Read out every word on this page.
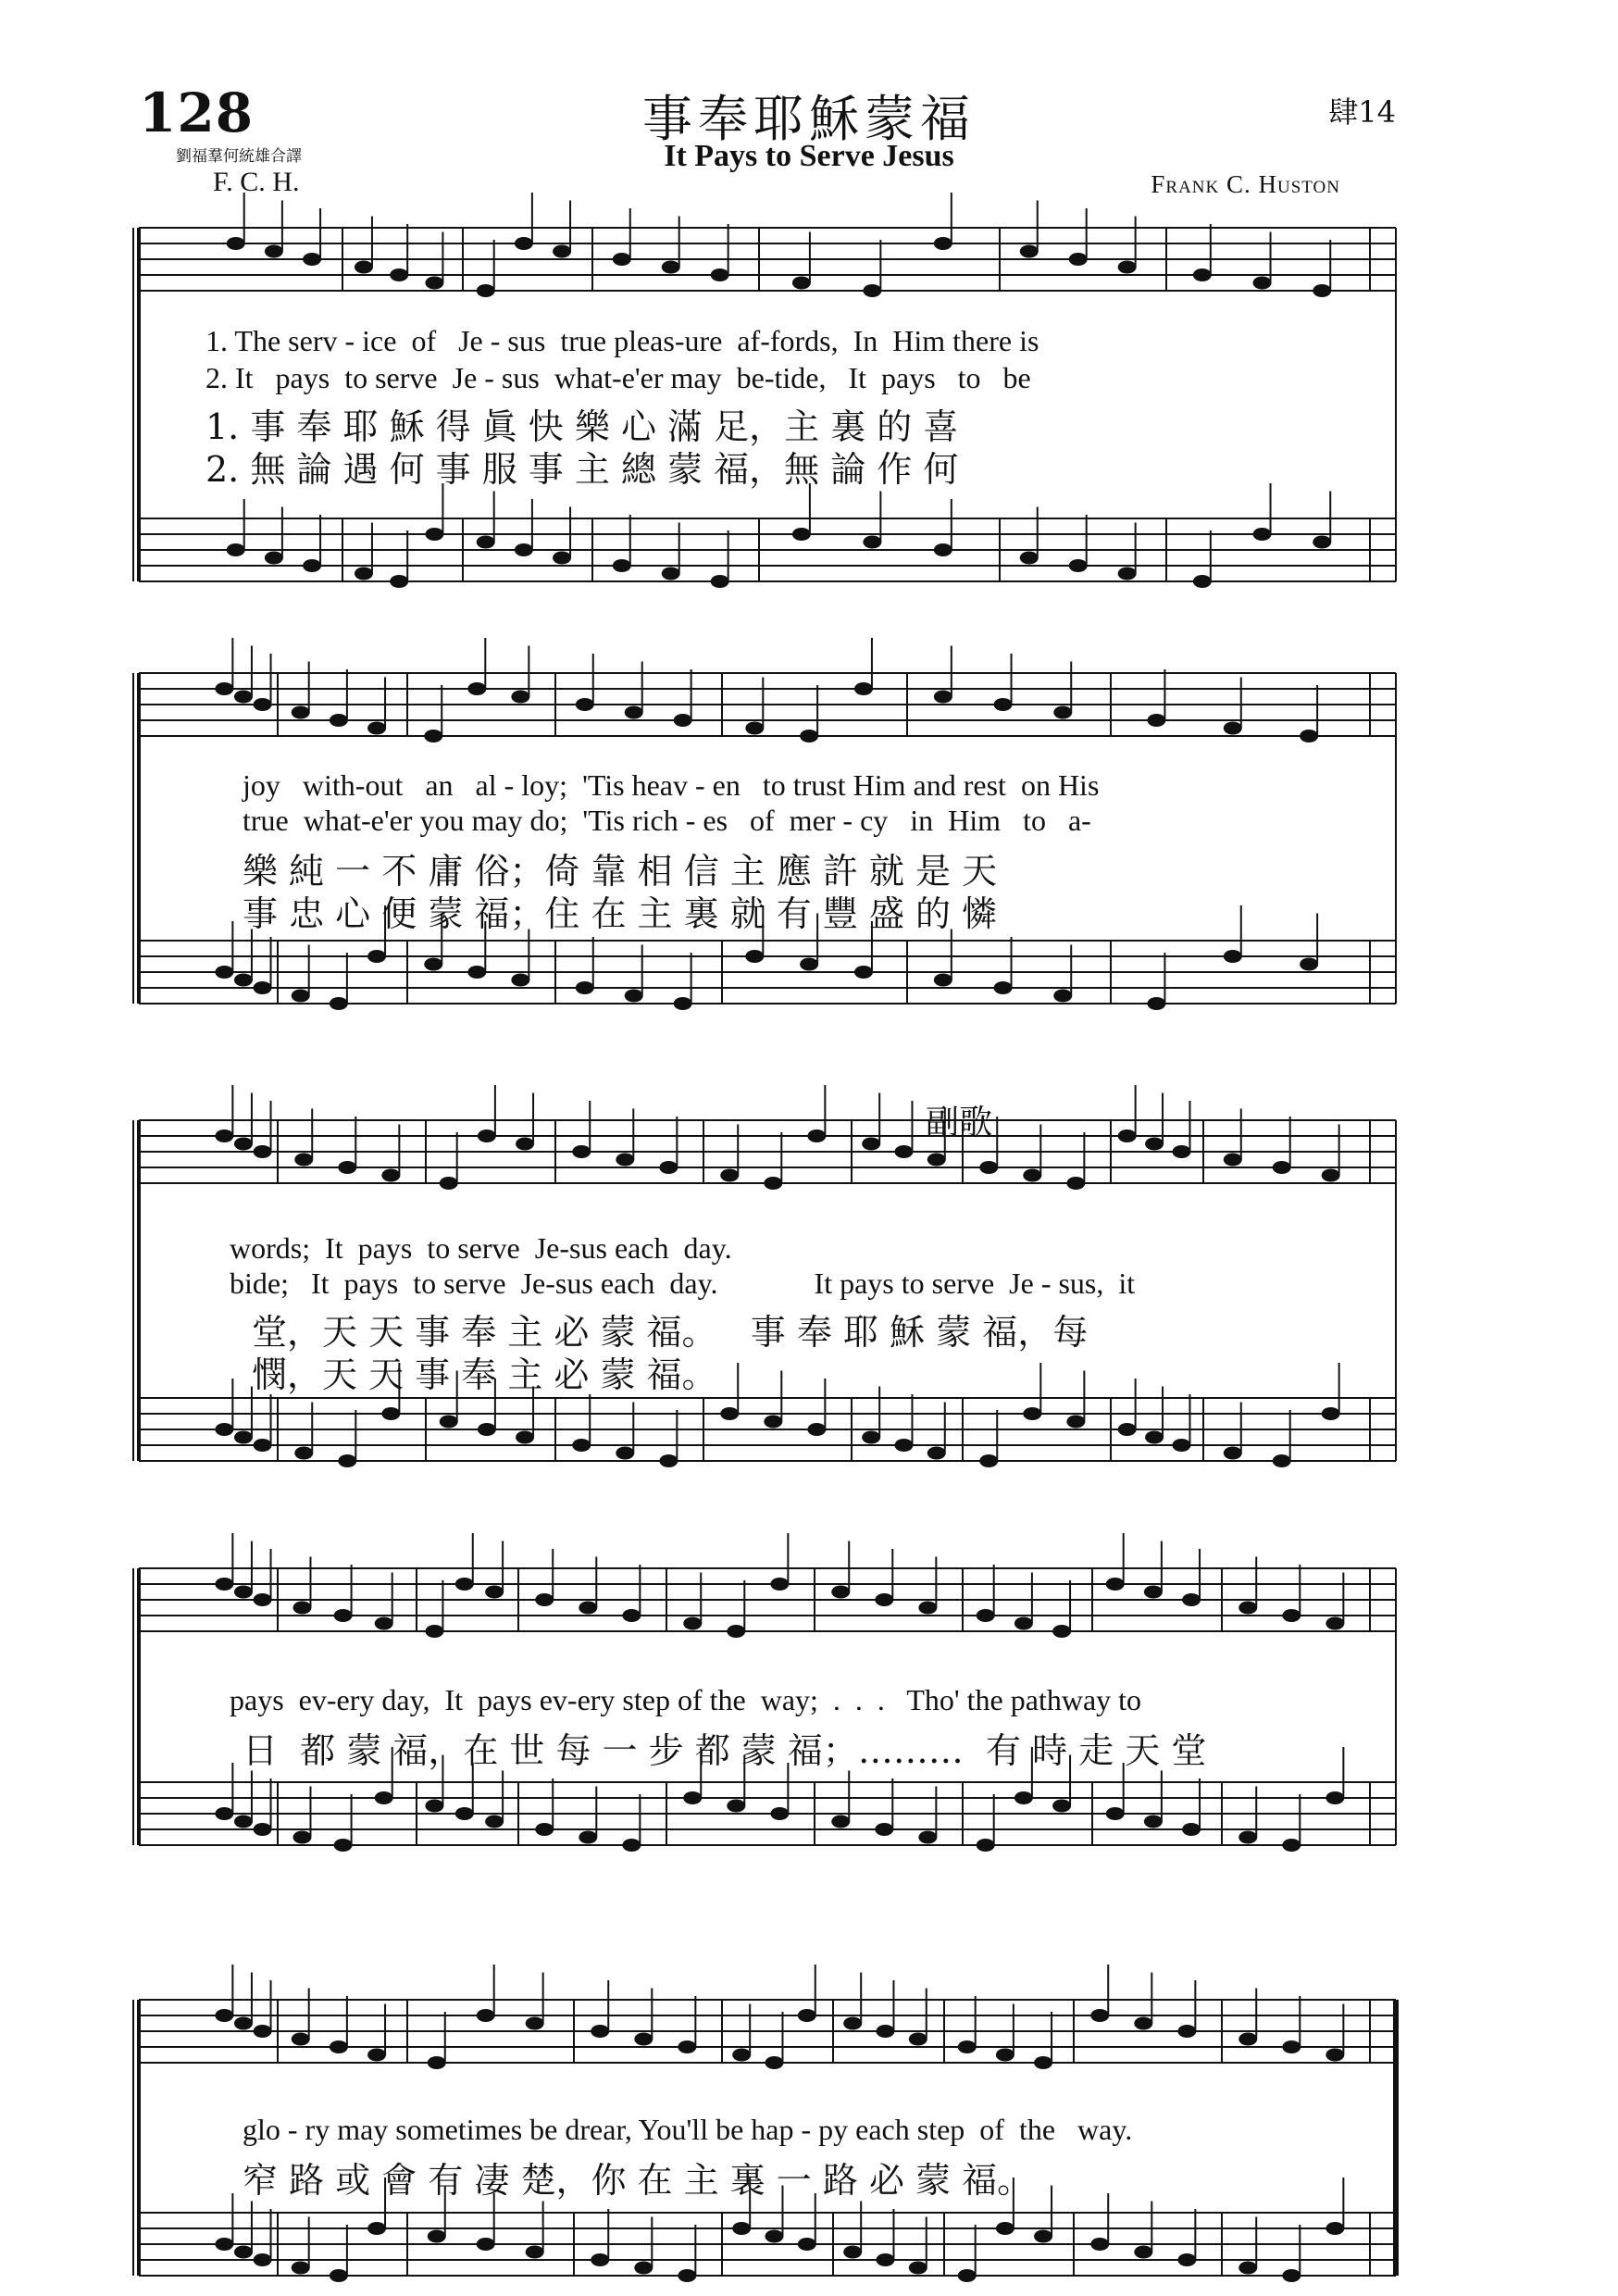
128	事奉耶穌蒙福
It Pays to Serve Jesus
肆14
劉福羣何統雄合譯
F. C. H.	Frank C. Huston
1. The serv - ice  of   Je - sus  true pleas-ure  af-fords,  In  Him there is
2. It   pays  to serve  Je - sus  what-e'er may  be-tide,   It  pays   to   be
1. 事 奉 耶 穌 得 眞 快 樂 心 滿 足，主 裏 的 喜
2. 無 論 遇 何 事 服 事 主 總 蒙 福，無 論 作 何
joy   with-out   an   al - loy;  'Tis heav - en   to trust Him and rest  on His
true  what-e'er you may do;  'Tis rich - es   of  mer - cy   in  Him   to   a-
樂 純 一 不 庸 俗；倚 靠 相 信 主 應 許 就 是 天
事 忠 心 便 蒙 福；住 在 主 裏 就 有 豐 盛 的 憐
副歌
words;  It  pays  to serve  Je-sus each  day.
bide;   It  pays  to serve  Je-sus each  day.             It pays to serve  Je - sus,  it
堂，天 天 事 奉 主 必 蒙 福。   事 奉 耶 穌 蒙 福，每
憫，天 天 事 奉 主 必 蒙 福。
pays  ev-ery day,  It  pays ev-ery step of the  way;  .  .  .   Tho' the pathway to
日  都 蒙 福，在 世 每 一 步 都 蒙 福；………  有 時 走 天 堂
glo - ry may sometimes be drear, You'll be hap - py each step  of  the   way.
窄 路 或 會 有 凄 楚，你 在 主 裏 一 路 必 蒙 福。
